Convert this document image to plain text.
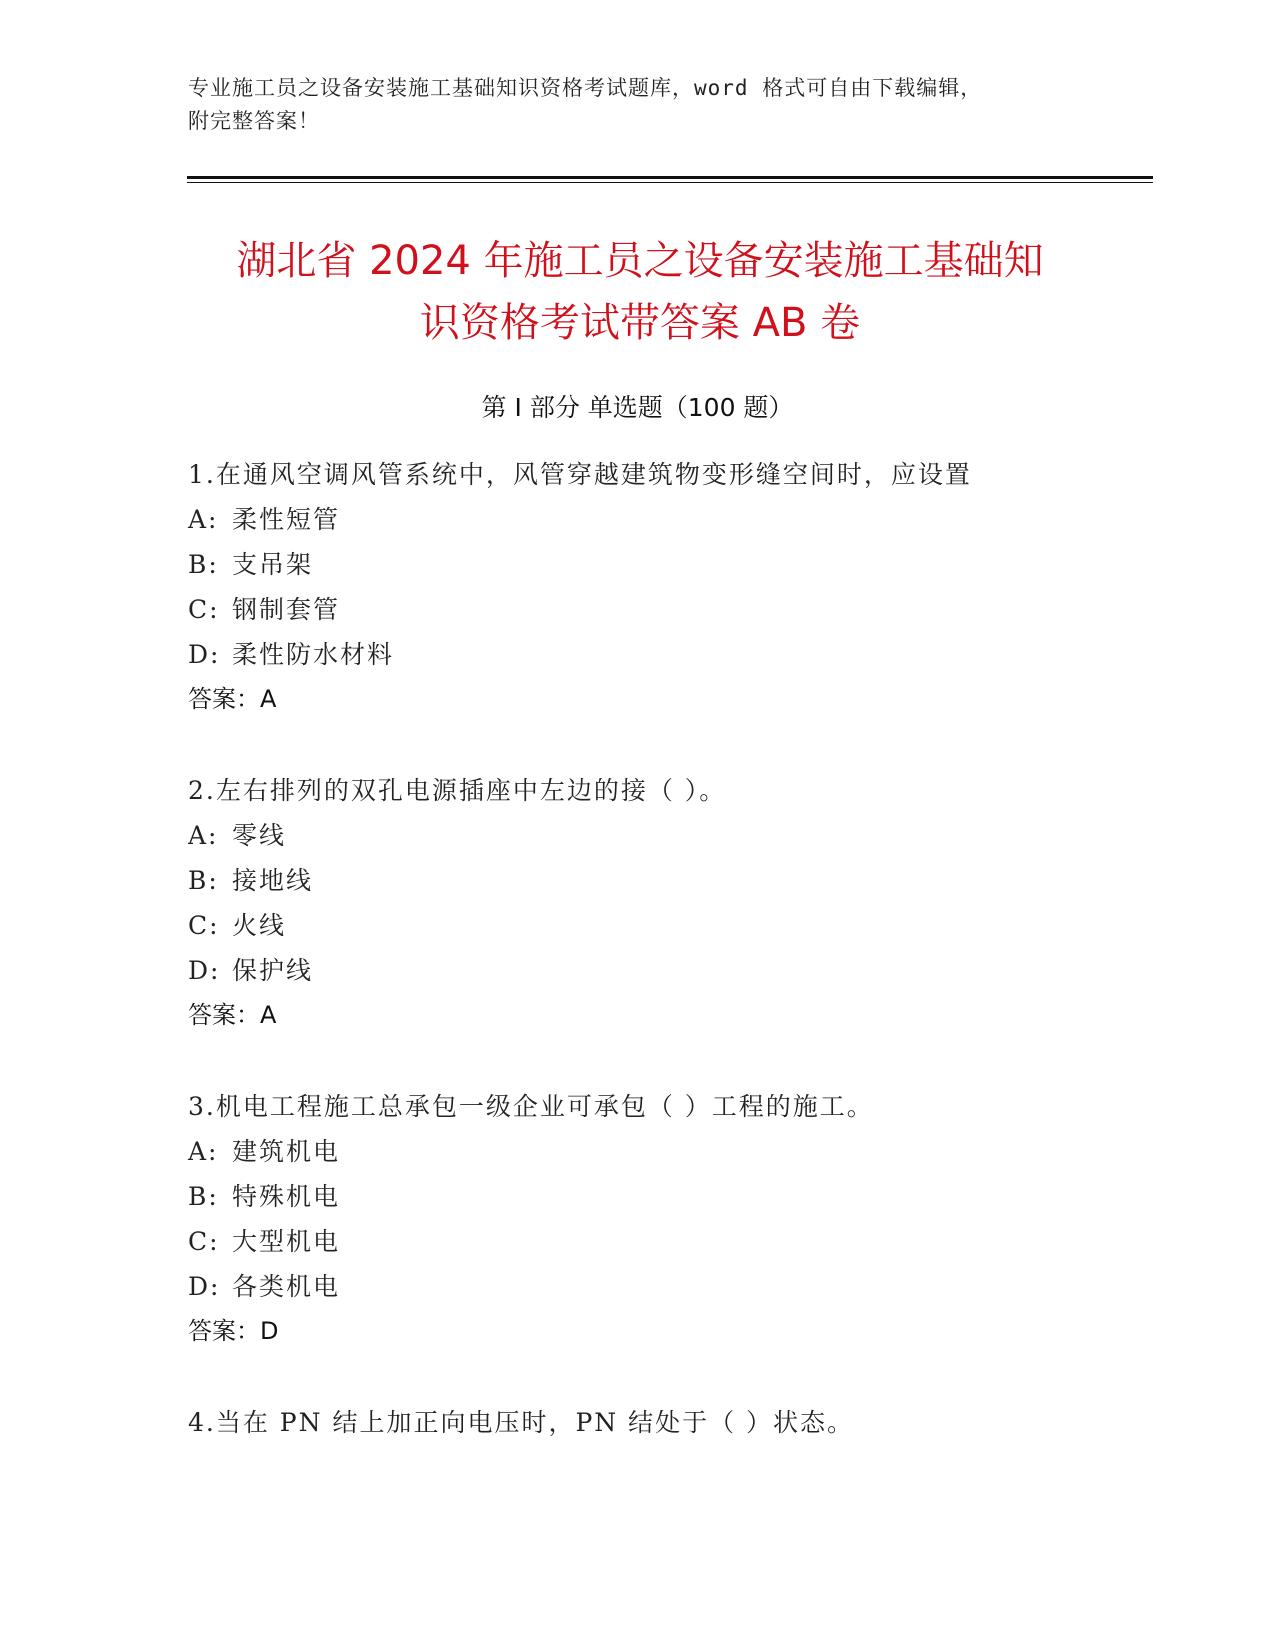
专业施工员之设备安装施工基础知识资格考试题库，word 格式可自由下载编辑，
附完整答案！
湖北省 2024 年施工员之设备安装施工基础知
识资格考试带答案 AB 卷
第 I 部分 单选题（100 题）
1.在通风空调风管系统中，风管穿越建筑物变形缝空间时，应设置
A: 柔性短管
B: 支吊架
C: 钢制套管
D: 柔性防水材料
答案：A
2.左右排列的双孔电源插座中左边的接（ ）。
A: 零线
B: 接地线
C: 火线
D: 保护线
答案：A
3.机电工程施工总承包一级企业可承包（ ）工程的施工。
A: 建筑机电
B: 特殊机电
C: 大型机电
D: 各类机电
答案：D
4.当在 PN 结上加正向电压时，PN 结处于（ ）状态。
